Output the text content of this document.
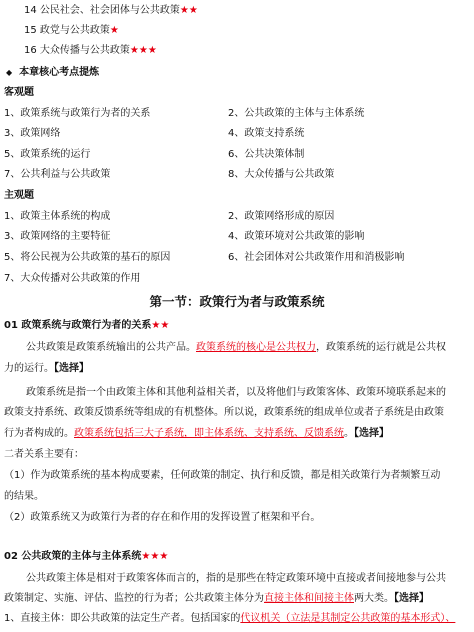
14 公民社会、社会团体与公共政策★★
15 政党与公共政策★
16 大众传播与公共政策★★★
◆ 本章核心考点提炼
客观题
1、政策系统与政策行为者的关系	2、公共政策的主体与主体系统
3、政策网络	4、政策支持系统
5、政策系统的运行	6、公共决策体制
7、公共利益与公共政策	8、大众传播与公共政策
主观题
1、政策主体系统的构成	2、政策网络形成的原因
3、政策网络的主要特征	4、政策环境对公共政策的影响
5、将公民视为公共政策的基石的原因	6、社会团体对公共政策作用和消极影响
7、大众传播对公共政策的作用
第一节：政策行为者与政策系统
01 政策系统与政策行为者的关系★★
公共政策是政策系统输出的公共产品。政策系统的核心是公共权力，政策系统的运行就是公共权
力的运行。【选择】
政策系统是指一个由政策主体和其他利益相关者，以及将他们与政策客体、政策环境联系起来的
政策支持系统、政策反馈系统等组成的有机整体。所以说，政策系统的组成单位或者子系统是由政策
行为者构成的。政策系统包括三大子系统，即主体系统、支持系统、反馈系统。【选择】
二者关系主要有：
（1）作为政策系统的基本构成要素，任何政策的制定、执行和反馈，都是相关政策行为者频繁互动
的结果。
（2）政策系统又为政策行为者的存在和作用的发挥设置了框架和平台。
02 公共政策的主体与主体系统★★★
公共政策主体是相对于政策客体而言的，指的是那些在特定政策环境中直接或者间接地参与公共
政策制定、实施、评估、监控的行为者；公共政策主体分为直接主体和间接主体两大类。【选择】
1、直接主体：即公共政策的法定生产者。包括国家的代议机关（立法是其制定公共政策的基本形式）、
